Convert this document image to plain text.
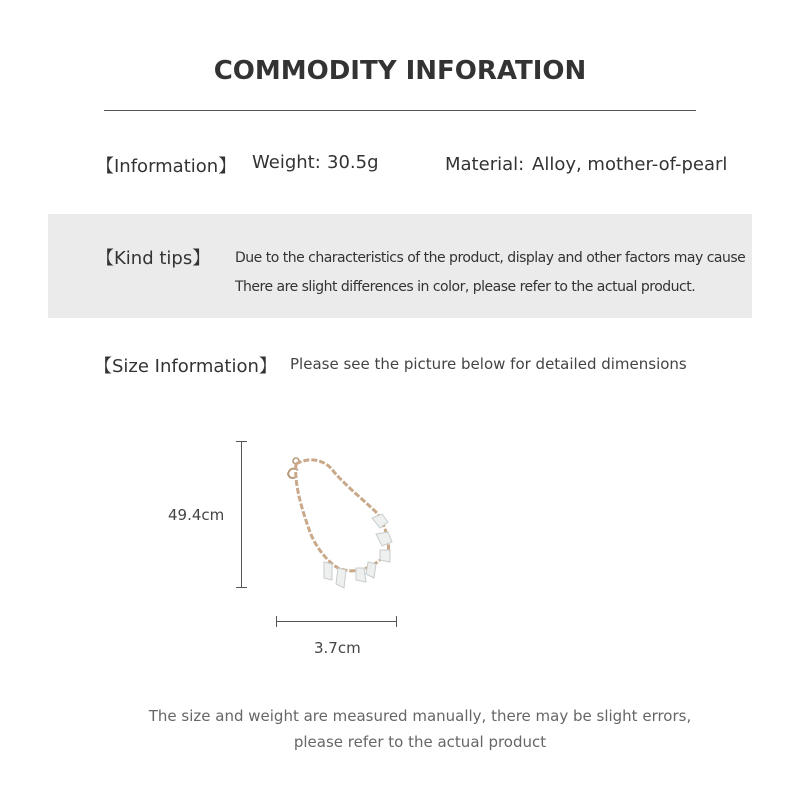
COMMODITY INFORATION
【Information】 Weight: 30.5g	Material: Alloy, mother-of-pearl
【Kind tips】 Due to the characteristics of the product, display and other factors may cause
There are slight differences in color, please refer to the actual product.
【Size Information】 Please see the picture below for detailed dimensions
49.4cm
3.7cm
The size and weight are measured manually, there may be slight errors,
please refer to the actual product
